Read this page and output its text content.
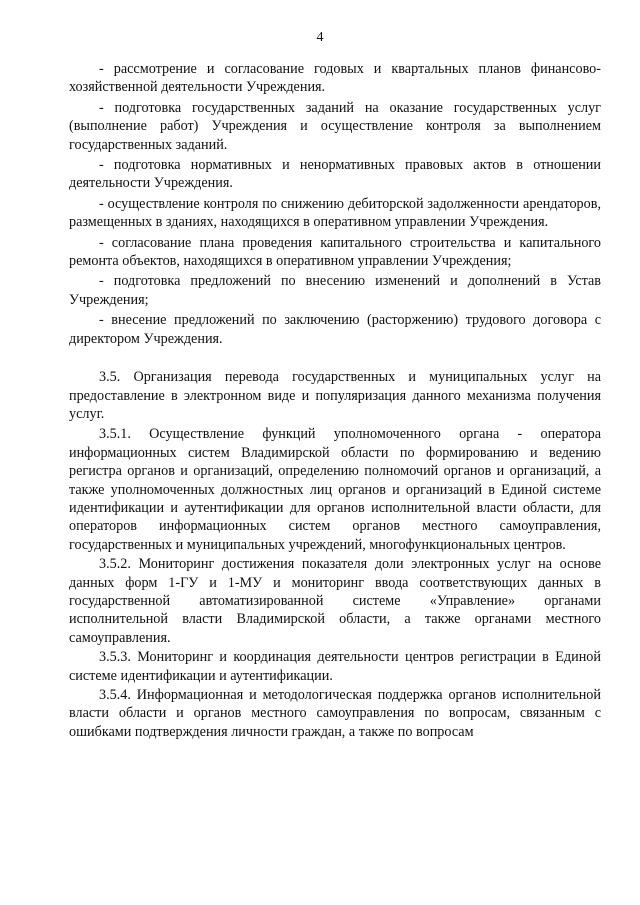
4

- рассмотрение и согласование годовых и квартальных планов финансово-хозяйственной деятельности Учреждения.

- подготовка государственных заданий на оказание государственных услуг (выполнение работ) Учреждения и осуществление контроля за выполнением государственных заданий.

- подготовка нормативных и ненормативных правовых актов в отношении деятельности Учреждения.

- осуществление контроля по снижению дебиторской задолженности арендаторов, размещенных в зданиях, находящихся в оперативном управлении Учреждения.

- согласование плана проведения капитального строительства и капитального ремонта объектов, находящихся в оперативном управлении Учреждения;

- подготовка предложений по внесению изменений и дополнений в Устав Учреждения;

- внесение предложений по заключению (расторжению) трудового договора с директором Учреждения.

3.5. Организация перевода государственных и муниципальных услуг на предоставление в электронном виде и популяризация данного механизма получения услуг.

3.5.1. Осуществление функций уполномоченного органа - оператора информационных систем Владимирской области по формированию и ведению регистра органов и организаций, определению полномочий органов и организаций, а также уполномоченных должностных лиц органов и организаций в Единой системе идентификации и аутентификации для органов исполнительной власти области, для операторов информационных систем органов местного самоуправления, государственных и муниципальных учреждений, многофункциональных центров.

3.5.2. Мониторинг достижения показателя доли электронных услуг на основе данных форм 1-ГУ и 1-МУ и мониторинг ввода соответствующих данных в государственной автоматизированной системе «Управление» органами исполнительной власти Владимирской области, а также органами местного самоуправления.

3.5.3. Мониторинг и координация деятельности центров регистрации в Единой системе идентификации и аутентификации.

3.5.4. Информационная и методологическая поддержка органов исполнительной власти области и органов местного самоуправления по вопросам, связанным с ошибками подтверждения личности граждан, а также по вопросам
